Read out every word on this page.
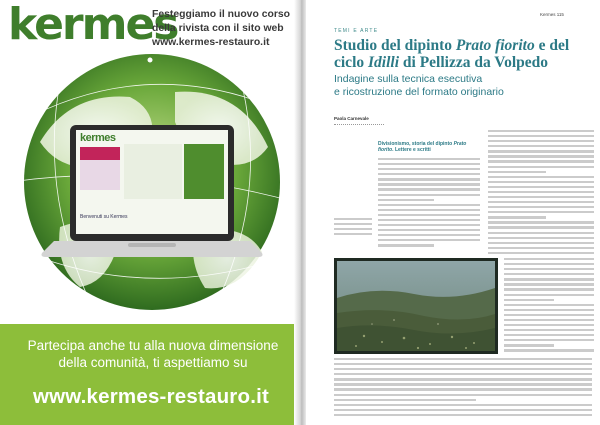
kermes
Festeggiamo il nuovo corso
della rivista con il sito web
www.kermes-restauro.it
kermes
Benvenuti su Kermes
Partecipa anche tu alla nuova dimensione
della comunità, ti aspettiamo su
www.kermes-restauro.it
Kermes 115
TEMI E ARTE
Studio del dipinto Prato fiorito e del ciclo Idilli di Pellizza da Volpedo
Indagine sulla tecnica esecutiva
e ricostruzione del formato originario
Paola Carnevale
Divisionismo, storia del dipinto Prato fiorito. Lettere e scritti
